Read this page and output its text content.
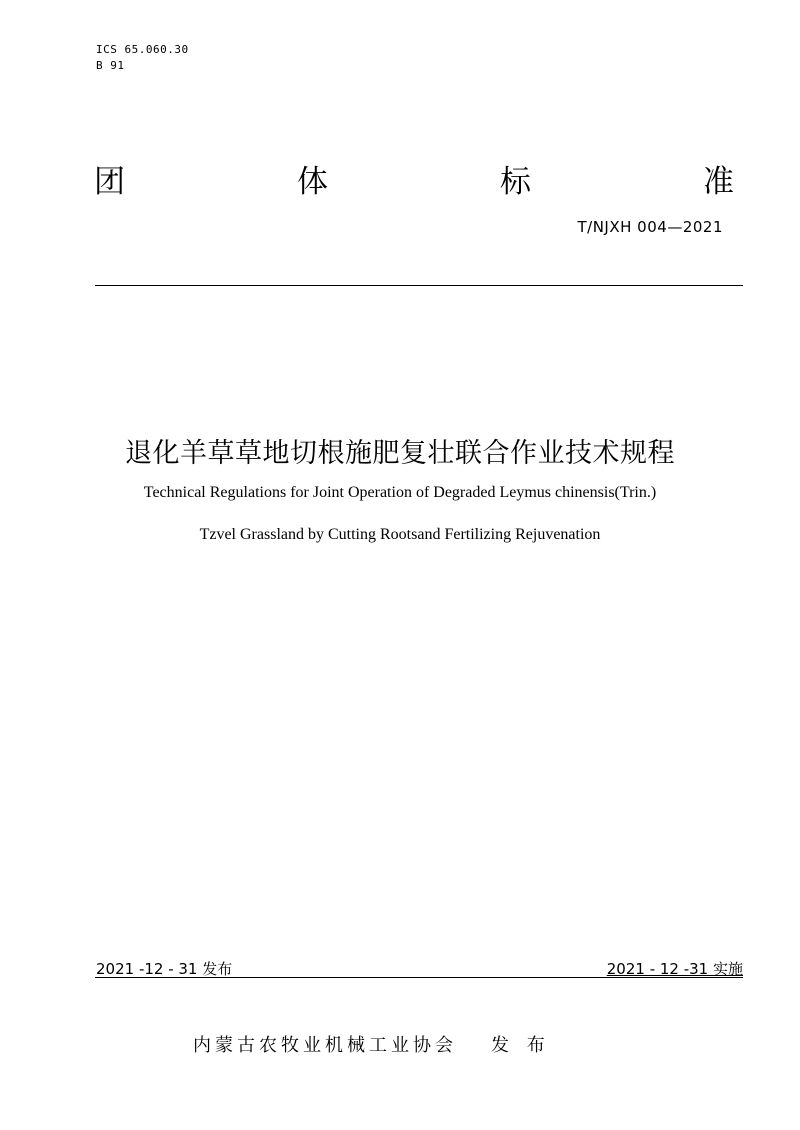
ICS 65.060.30
B 91
团	体	标	准
T/NJXH 004—2021
退化羊草草地切根施肥复壮联合作业技术规程
Technical Regulations for Joint Operation of Degraded Leymus chinensis(Trin.)
Tzvel Grassland by Cutting Rootsand Fertilizing Rejuvenation
2021 -12 - 31 发布	2021 - 12 -31 实施
内蒙古农牧业机械工业协会 发 布
